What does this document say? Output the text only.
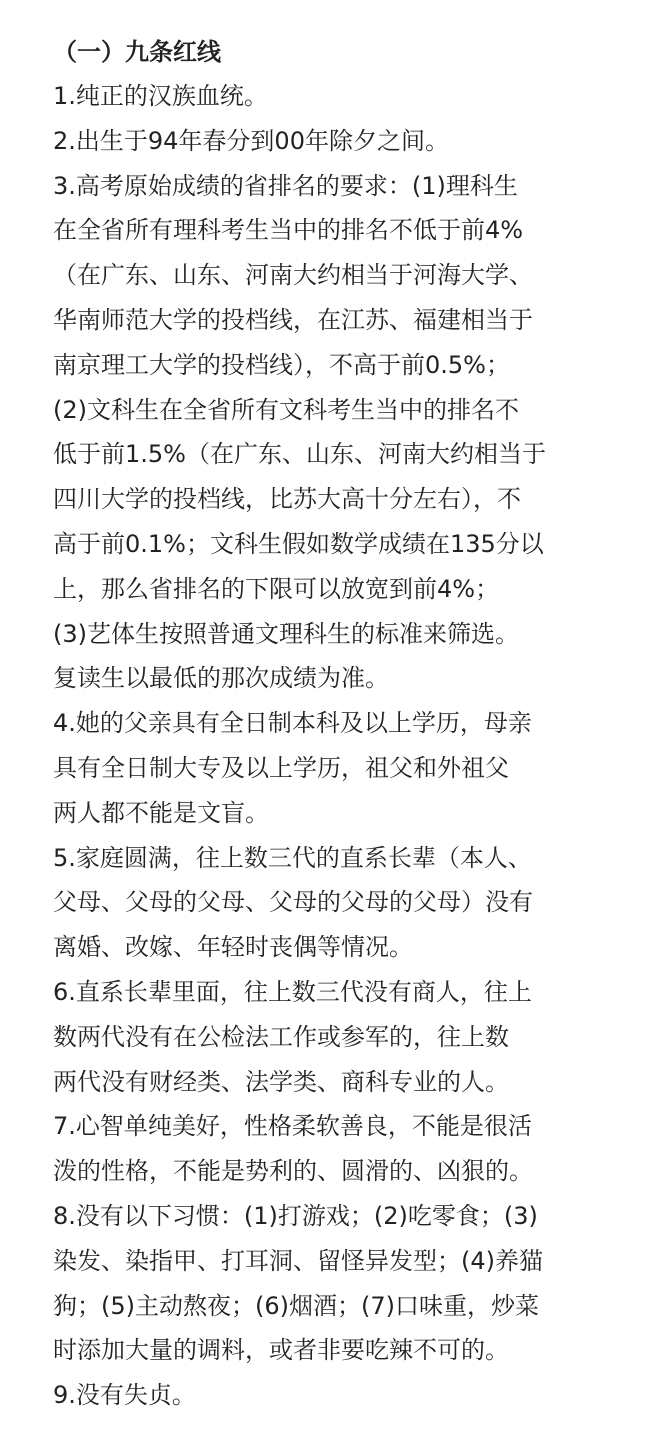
（一）九条红线
1.纯正的汉族血统。
2.出生于94年春分到00年除夕之间。
3.高考原始成绩的省排名的要求：(1)理科生
在全省所有理科考生当中的排名不低于前4%
（在广东、山东、河南大约相当于河海大学、
华南师范大学的投档线，在江苏、福建相当于
南京理工大学的投档线），不高于前0.5%；
(2)文科生在全省所有文科考生当中的排名不
低于前1.5%（在广东、山东、河南大约相当于
四川大学的投档线，比苏大高十分左右），不
高于前0.1%；文科生假如数学成绩在135分以
上，那么省排名的下限可以放宽到前4%；
(3)艺体生按照普通文理科生的标准来筛选。
复读生以最低的那次成绩为准。
4.她的父亲具有全日制本科及以上学历，母亲
具有全日制大专及以上学历，祖父和外祖父
两人都不能是文盲。
5.家庭圆满，往上数三代的直系长辈（本人、
父母、父母的父母、父母的父母的父母）没有
离婚、改嫁、年轻时丧偶等情况。
6.直系长辈里面，往上数三代没有商人，往上
数两代没有在公检法工作或参军的，往上数
两代没有财经类、法学类、商科专业的人。
7.心智单纯美好，性格柔软善良，不能是很活
泼的性格，不能是势利的、圆滑的、凶狠的。
8.没有以下习惯：(1)打游戏；(2)吃零食；(3)
染发、染指甲、打耳洞、留怪异发型；(4)养猫
狗；(5)主动熬夜；(6)烟酒；(7)口味重，炒菜
时添加大量的调料，或者非要吃辣不可的。
9.没有失贞。
